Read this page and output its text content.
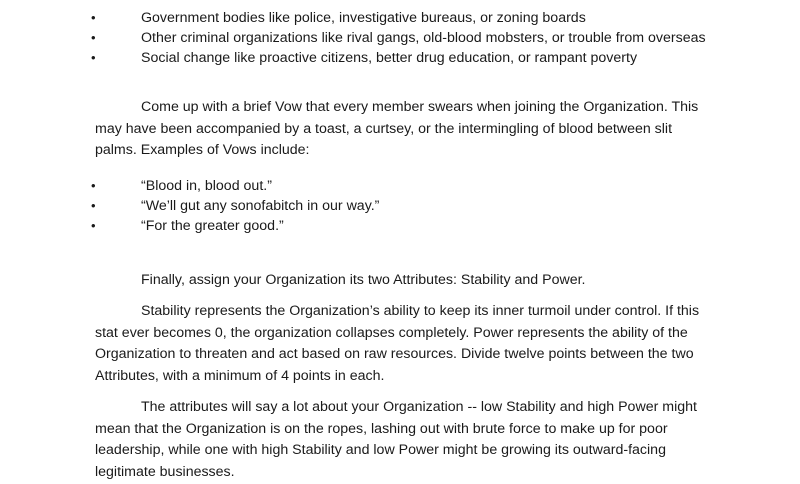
•	Government bodies like police, investigative bureaus, or zoning boards
•	Other criminal organizations like rival gangs, old-blood mobsters, or trouble from overseas
•	Social change like proactive citizens, better drug education, or rampant poverty

Come up with a brief Vow that every member swears when joining the Organization. This may have been accompanied by a toast, a curtsey, or the intermingling of blood between slit palms. Examples of Vows include:

•	“Blood in, blood out.”
•	“We’ll gut any sonofabitch in our way.”
•	“For the greater good.”

Finally, assign your Organization its two Attributes: Stability and Power.

Stability represents the Organization’s ability to keep its inner turmoil under control. If this stat ever becomes 0, the organization collapses completely. Power represents the ability of the Organization to threaten and act based on raw resources. Divide twelve points between the two Attributes, with a minimum of 4 points in each.

The attributes will say a lot about your Organization -- low Stability and high Power might mean that the Organization is on the ropes, lashing out with brute force to make up for poor leadership, while one with high Stability and low Power might be growing its outward-facing legitimate businesses.
